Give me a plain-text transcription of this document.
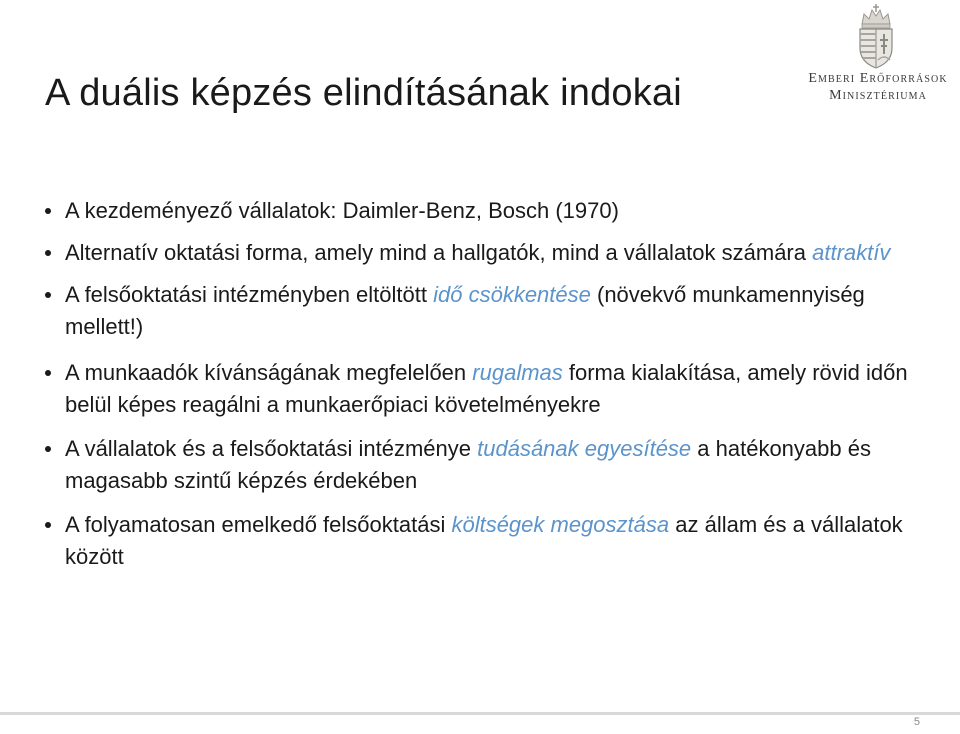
Emberi Erőforrások
Minisztériuma
A duális képzés elindításának indokai
A kezdeményező vállalatok: Daimler-Benz, Bosch (1970)
Alternatív oktatási forma, amely mind a hallgatók, mind a vállalatok számára attraktív
A felsőoktatási intézményben eltöltött idő csökkentése (növekvő munkamennyiség mellett!)
A munkaadók kívánságának megfelelően rugalmas forma kialakítása, amely rövid időn belül képes reagálni a munkaerőpiaci követelményekre
A vállalatok és a felsőoktatási intézménye tudásának egyesítése a hatékonyabb és magasabb szintű képzés érdekében
A folyamatosan emelkedő felsőoktatási költségek megosztása az állam és a vállalatok között
5
